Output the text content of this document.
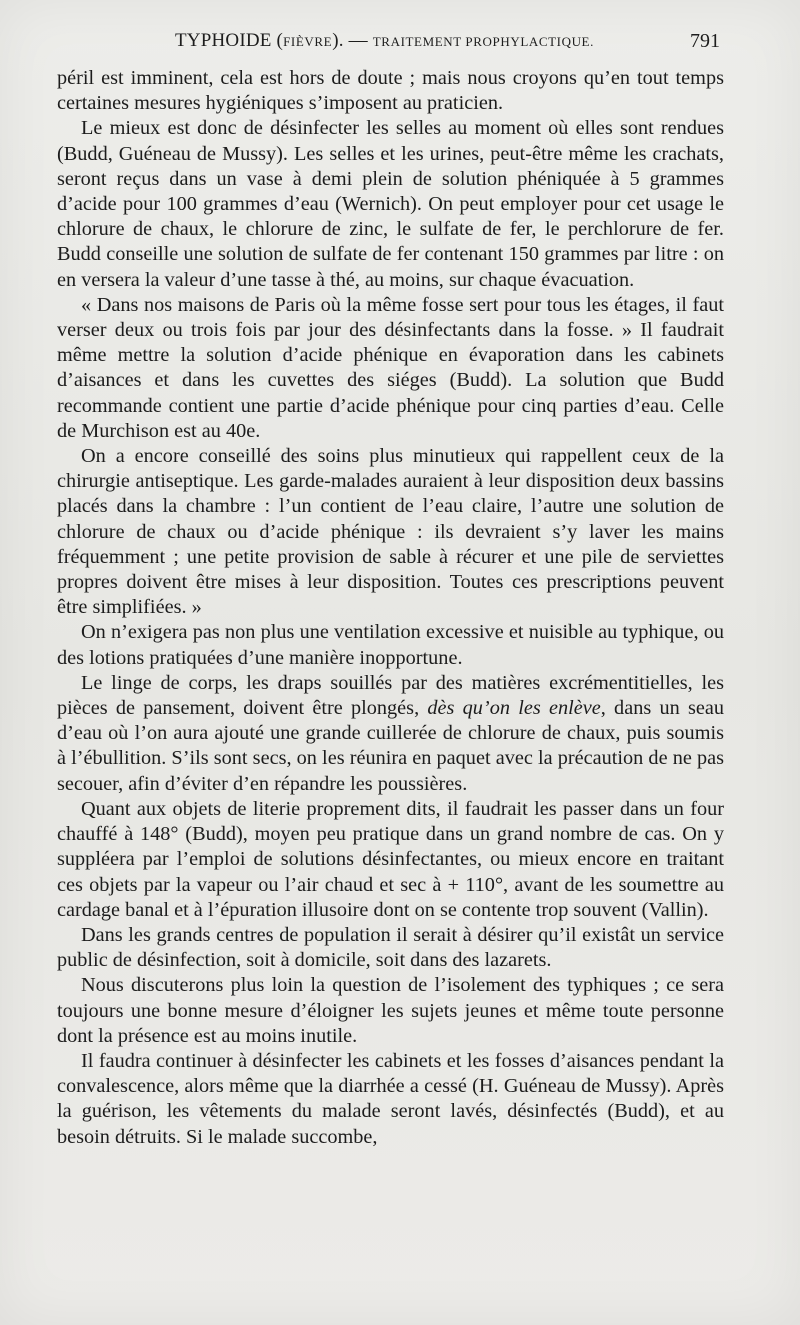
TYPHOIDE (FIÈVRE). — TRAITEMENT PROPHYLACTIQUE.	791

péril est imminent, cela est hors de doute ; mais nous croyons qu’en tout temps certaines mesures hygiéniques s’imposent au praticien.

Le mieux est donc de désinfecter les selles au moment où elles sont rendues (Budd, Guéneau de Mussy). Les selles et les urines, peut-être même les crachats, seront reçus dans un vase à demi plein de solution phéniquée à 5 grammes d’acide pour 100 grammes d’eau (Wernich). On peut employer pour cet usage le chlorure de chaux, le chlorure de zinc, le sulfate de fer, le perchlorure de fer. Budd conseille une solution de sulfate de fer contenant 150 grammes par litre : on en versera la valeur d’une tasse à thé, au moins, sur chaque évacuation.

« Dans nos maisons de Paris où la même fosse sert pour tous les étages, il faut verser deux ou trois fois par jour des désinfectants dans la fosse. » Il faudrait même mettre la solution d’acide phénique en évaporation dans les cabinets d’aisances et dans les cuvettes des siéges (Budd). La solution que Budd recommande contient une partie d’acide phénique pour cinq parties d’eau. Celle de Murchison est au 40e.

On a encore conseillé des soins plus minutieux qui rappellent ceux de la chirurgie antiseptique. Les garde-malades auraient à leur disposition deux bassins placés dans la chambre : l’un contient de l’eau claire, l’autre une solution de chlorure de chaux ou d’acide phénique : ils devraient s’y laver les mains fréquemment ; une petite provision de sable à récurer et une pile de serviettes propres doivent être mises à leur disposition. Toutes ces prescriptions peuvent être simplifiées. »

On n’exigera pas non plus une ventilation excessive et nuisible au typhique, ou des lotions pratiquées d’une manière inopportune.

Le linge de corps, les draps souillés par des matières excrémentitielles, les pièces de pansement, doivent être plongés, dès qu’on les enlève, dans un seau d’eau où l’on aura ajouté une grande cuillerée de chlorure de chaux, puis soumis à l’ébullition. S’ils sont secs, on les réunira en paquet avec la précaution de ne pas secouer, afin d’éviter d’en répandre les poussières.

Quant aux objets de literie proprement dits, il faudrait les passer dans un four chauffé à 148° (Budd), moyen peu pratique dans un grand nombre de cas. On y suppléera par l’emploi de solutions désinfectantes, ou mieux encore en traitant ces objets par la vapeur ou l’air chaud et sec à + 110°, avant de les soumettre au cardage banal et à l’épuration illusoire dont on se contente trop souvent (Vallin).

Dans les grands centres de population il serait à désirer qu’il existât un service public de désinfection, soit à domicile, soit dans des lazarets.

Nous discuterons plus loin la question de l’isolement des typhiques ; ce sera toujours une bonne mesure d’éloigner les sujets jeunes et même toute personne dont la présence est au moins inutile.

Il faudra continuer à désinfecter les cabinets et les fosses d’aisances pendant la convalescence, alors même que la diarrhée a cessé (H. Guéneau de Mussy). Après la guérison, les vêtements du malade seront lavés, désinfectés (Budd), et au besoin détruits. Si le malade succombe,
